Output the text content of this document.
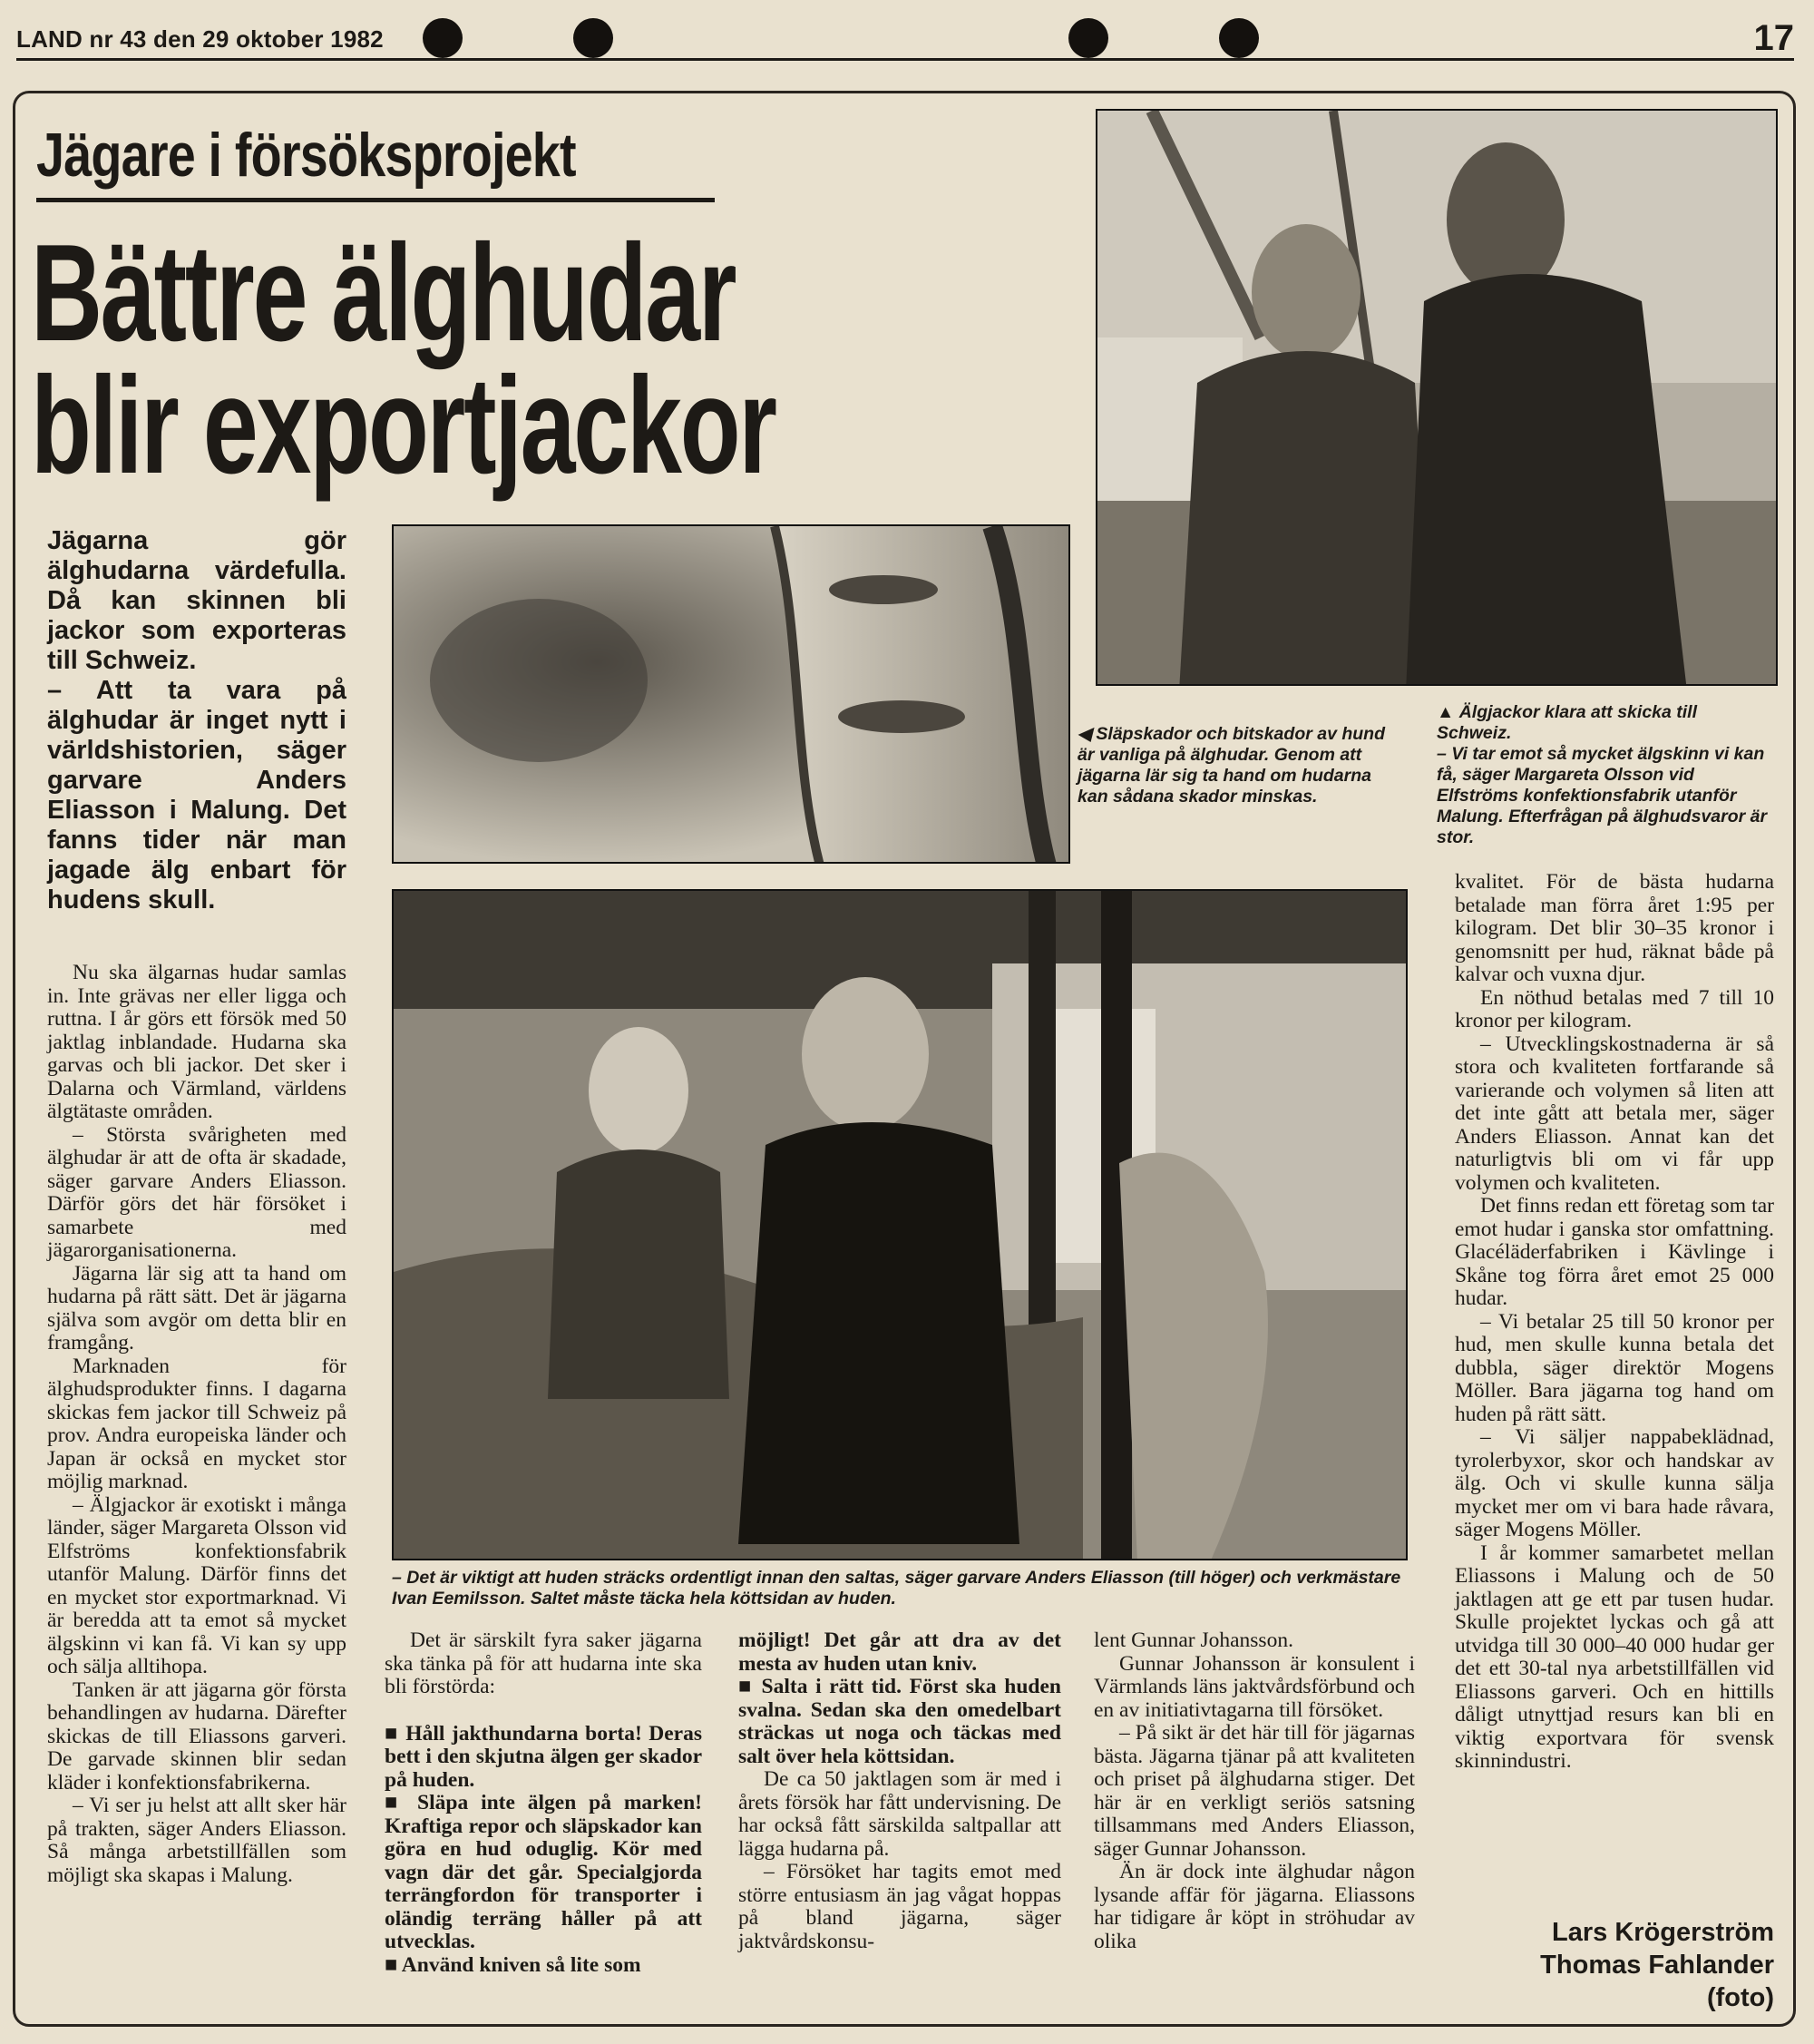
LAND nr 43 den 29 oktober 1982	17
Jägare i försöksprojekt
Bättre älghudar
blir exportjackor

Jägarna gör älghudarna värdefulla. Då kan skinnen bli jackor som exporteras till Schweiz.

– Att ta vara på älghudar är inget nytt i världshistorien, säger garvare Anders Eliasson i Malung. Det fanns tider när man jagade älg enbart för hudens skull.

◀ Släpskador och bitskador av hund är vanliga på älghudar. Genom att jägarna lär sig ta hand om hudarna kan sådana skador minskas.

▲ Älgjackor klara att skicka till Schweiz.

– Vi tar emot så mycket älgskinn vi kan få, säger Margareta Olsson vid Elfströms konfektionsfabrik utanför Malung. Efterfrågan på älghudsvaror är stor.

– Det är viktigt att huden sträcks ordentligt innan den saltas, säger garvare Anders Eliasson (till höger) och verkmästare Ivan Eemilsson. Saltet måste täcka hela köttsidan av huden.

Nu ska älgarnas hudar samlas in. Inte grävas ner eller ligga och ruttna. I år görs ett försök med 50 jaktlag inblandade. Hudarna ska garvas och bli jackor. Det sker i Dalarna och Värmland, världens älgtätaste områden.

– Största svårigheten med älghudar är att de ofta är skadade, säger garvare Anders Eliasson. Därför görs det här försöket i samarbete med jägarorganisationerna.

Jägarna lär sig att ta hand om hudarna på rätt sätt. Det är jägarna själva som avgör om detta blir en framgång.

Marknaden för älghudsprodukter finns. I dagarna skickas fem jackor till Schweiz på prov. Andra europeiska länder och Japan är också en mycket stor möjlig marknad.

– Älgjackor är exotiskt i många länder, säger Margareta Olsson vid Elfströms konfektionsfabrik utanför Malung. Därför finns det en mycket stor exportmarknad. Vi är beredda att ta emot så mycket älgskinn vi kan få. Vi kan sy upp och sälja alltihopa.

Tanken är att jägarna gör första behandlingen av hudarna. Därefter skickas de till Eliassons garveri. De garvade skinnen blir sedan kläder i konfektionsfabrikerna.

– Vi ser ju helst att allt sker här på trakten, säger Anders Eliasson. Så många arbetstillfällen som möjligt ska skapas i Malung.

Det är särskilt fyra saker jägarna ska tänka på för att hudarna inte ska bli förstörda:

■ Håll jakthundarna borta! Deras bett i den skjutna älgen ger skador på huden.

■ Släpa inte älgen på marken! Kraftiga repor och släpskador kan göra en hud oduglig. Kör med vagn där det går. Specialgjorda terrängfordon för transporter i oländig terräng håller på att utvecklas.

■ Använd kniven så lite som

möjligt! Det går att dra av det mesta av huden utan kniv.

■ Salta i rätt tid. Först ska huden svalna. Sedan ska den omedelbart sträckas ut noga och täckas med salt över hela köttsidan.

De ca 50 jaktlagen som är med i årets försök har fått undervisning. De har också fått särskilda saltpallar att lägga hudarna på.

– Försöket har tagits emot med större entusiasm än jag vågat hoppas på bland jägarna, säger jaktvårdskonsu-

lent Gunnar Johansson.

Gunnar Johansson är konsulent i Värmlands läns jaktvårdsförbund och en av initiativtagarna till försöket.

– På sikt är det här till för jägarnas bästa. Jägarna tjänar på att kvaliteten och priset på älghudarna stiger. Det här är en verkligt seriös satsning tillsammans med Anders Eliasson, säger Gunnar Johansson.

Än är dock inte älghudar någon lysande affär för jägarna. Eliassons har tidigare år köpt in ströhudar av olika

kvalitet. För de bästa hudarna betalade man förra året 1:95 per kilogram. Det blir 30–35 kronor i genomsnitt per hud, räknat både på kalvar och vuxna djur.

En nöthud betalas med 7 till 10 kronor per kilogram.

– Utvecklingskostnaderna är så stora och kvaliteten fortfarande så varierande och volymen så liten att det inte gått att betala mer, säger Anders Eliasson. Annat kan det naturligtvis bli om vi får upp volymen och kvaliteten.

Det finns redan ett företag som tar emot hudar i ganska stor omfattning. Glacéläderfabriken i Kävlinge i Skåne tog förra året emot 25 000 hudar.

– Vi betalar 25 till 50 kronor per hud, men skulle kunna betala det dubbla, säger direktör Mogens Möller. Bara jägarna tog hand om huden på rätt sätt.

– Vi säljer nappabeklädnad, tyrolerbyxor, skor och handskar av älg. Och vi skulle kunna sälja mycket mer om vi bara hade råvara, säger Mogens Möller.

I år kommer samarbetet mellan Eliassons i Malung och de 50 jaktlagen att ge ett par tusen hudar. Skulle projektet lyckas och gå att utvidga till 30 000–40 000 hudar ger det ett 30-tal nya arbetstillfällen vid Eliassons garveri. Och en hittills dåligt utnyttjad resurs kan bli en viktig exportvara för svensk skinnindustri.

Lars Krögerström
Thomas Fahlander
(foto)
